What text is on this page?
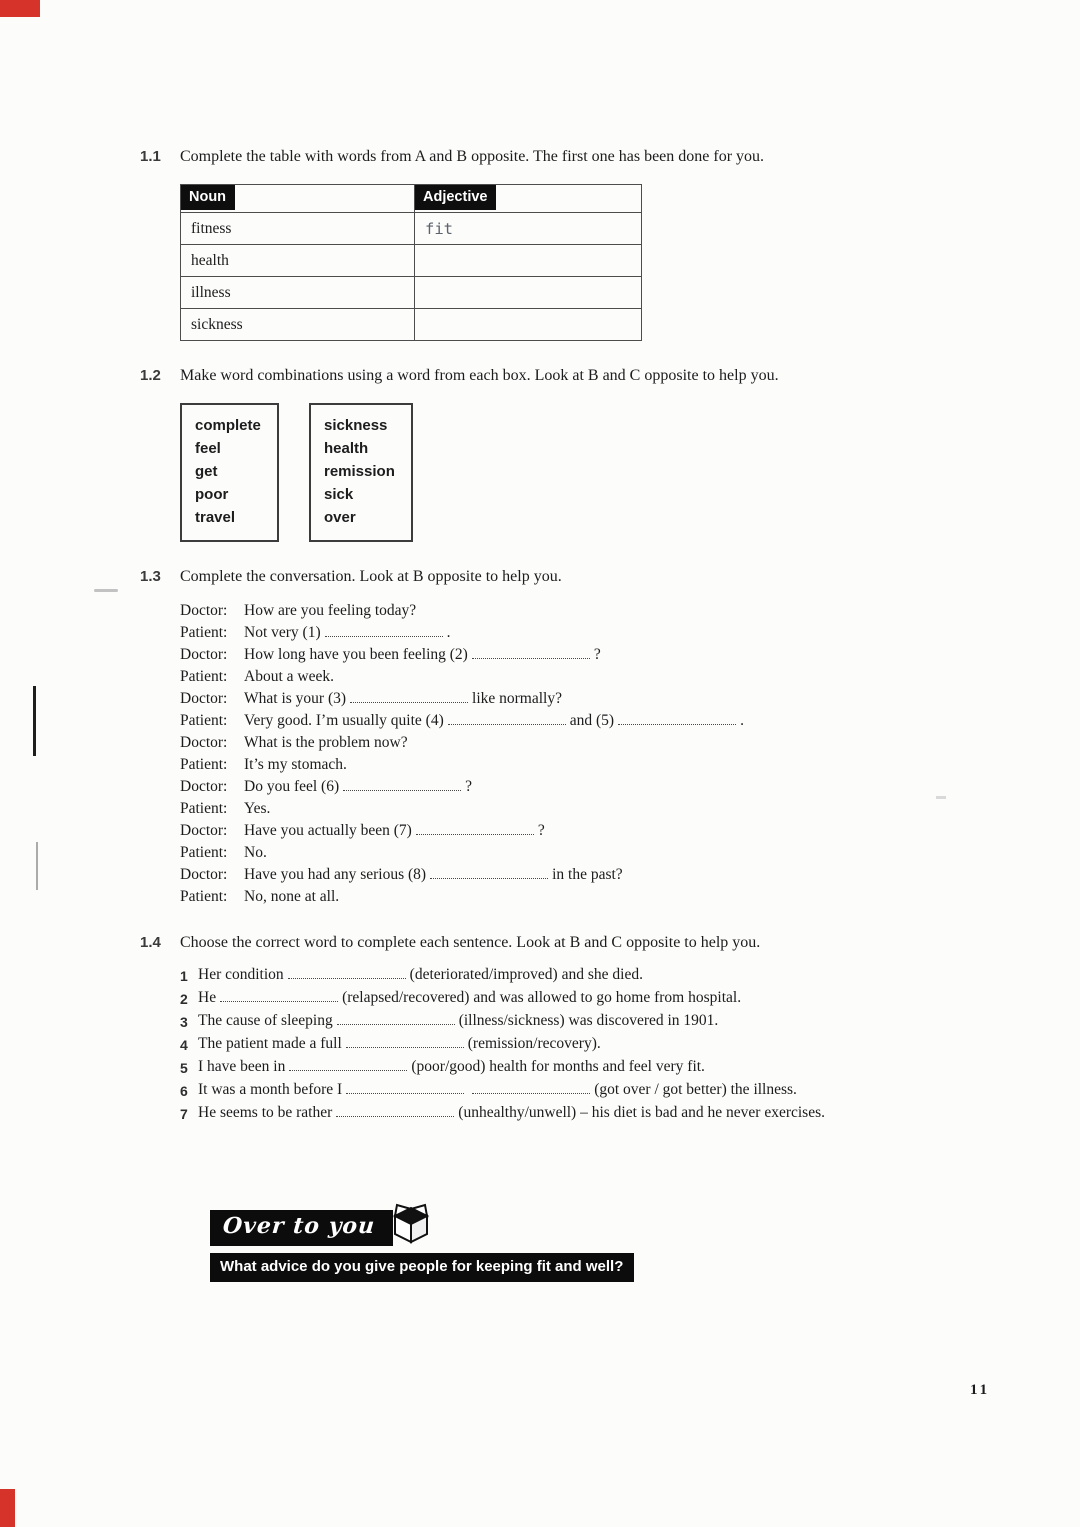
1.1	Complete the table with words from A and B opposite. The first one has been done for you.
Noun	Adjective
fitness	fit
health	
illness	
sickness	
1.2	Make word combinations using a word from each box. Look at B and C opposite to help you.
complete
feel
get
poor
travel
sickness
health
remission
sick
over
1.3	Complete the conversation. Look at B opposite to help you.
Doctor:	How are you feeling today?
Patient:	Not very (1)	.
Doctor:	How long have you been feeling (2)	?
Patient:	About a week.
Doctor:	What is your (3)	like normally?
Patient:	Very good. I’m usually quite (4)	and (5)	.
Doctor:	What is the problem now?
Patient:	It’s my stomach.
Doctor:	Do you feel (6)	?
Patient:	Yes.
Doctor:	Have you actually been (7)	?
Patient:	No.
Doctor:	Have you had any serious (8)	in the past?
Patient:	No, none at all.
1.4	Choose the correct word to complete each sentence. Look at B and C opposite to help you.
1 Her condition	(deteriorated/improved) and she died.
2 He	(relapsed/recovered) and was allowed to go home from hospital.
3 The cause of sleeping	(illness/sickness) was discovered in 1901.
4 The patient made a full	(remission/recovery).
5 I have been in	(poor/good) health for months and feel very fit.
6 It was a month before I	(got over / got better) the illness.
7 He seems to be rather	(unhealthy/unwell) – his diet is bad and he never exercises.
Over to you
What advice do you give people for keeping fit and well?
11
